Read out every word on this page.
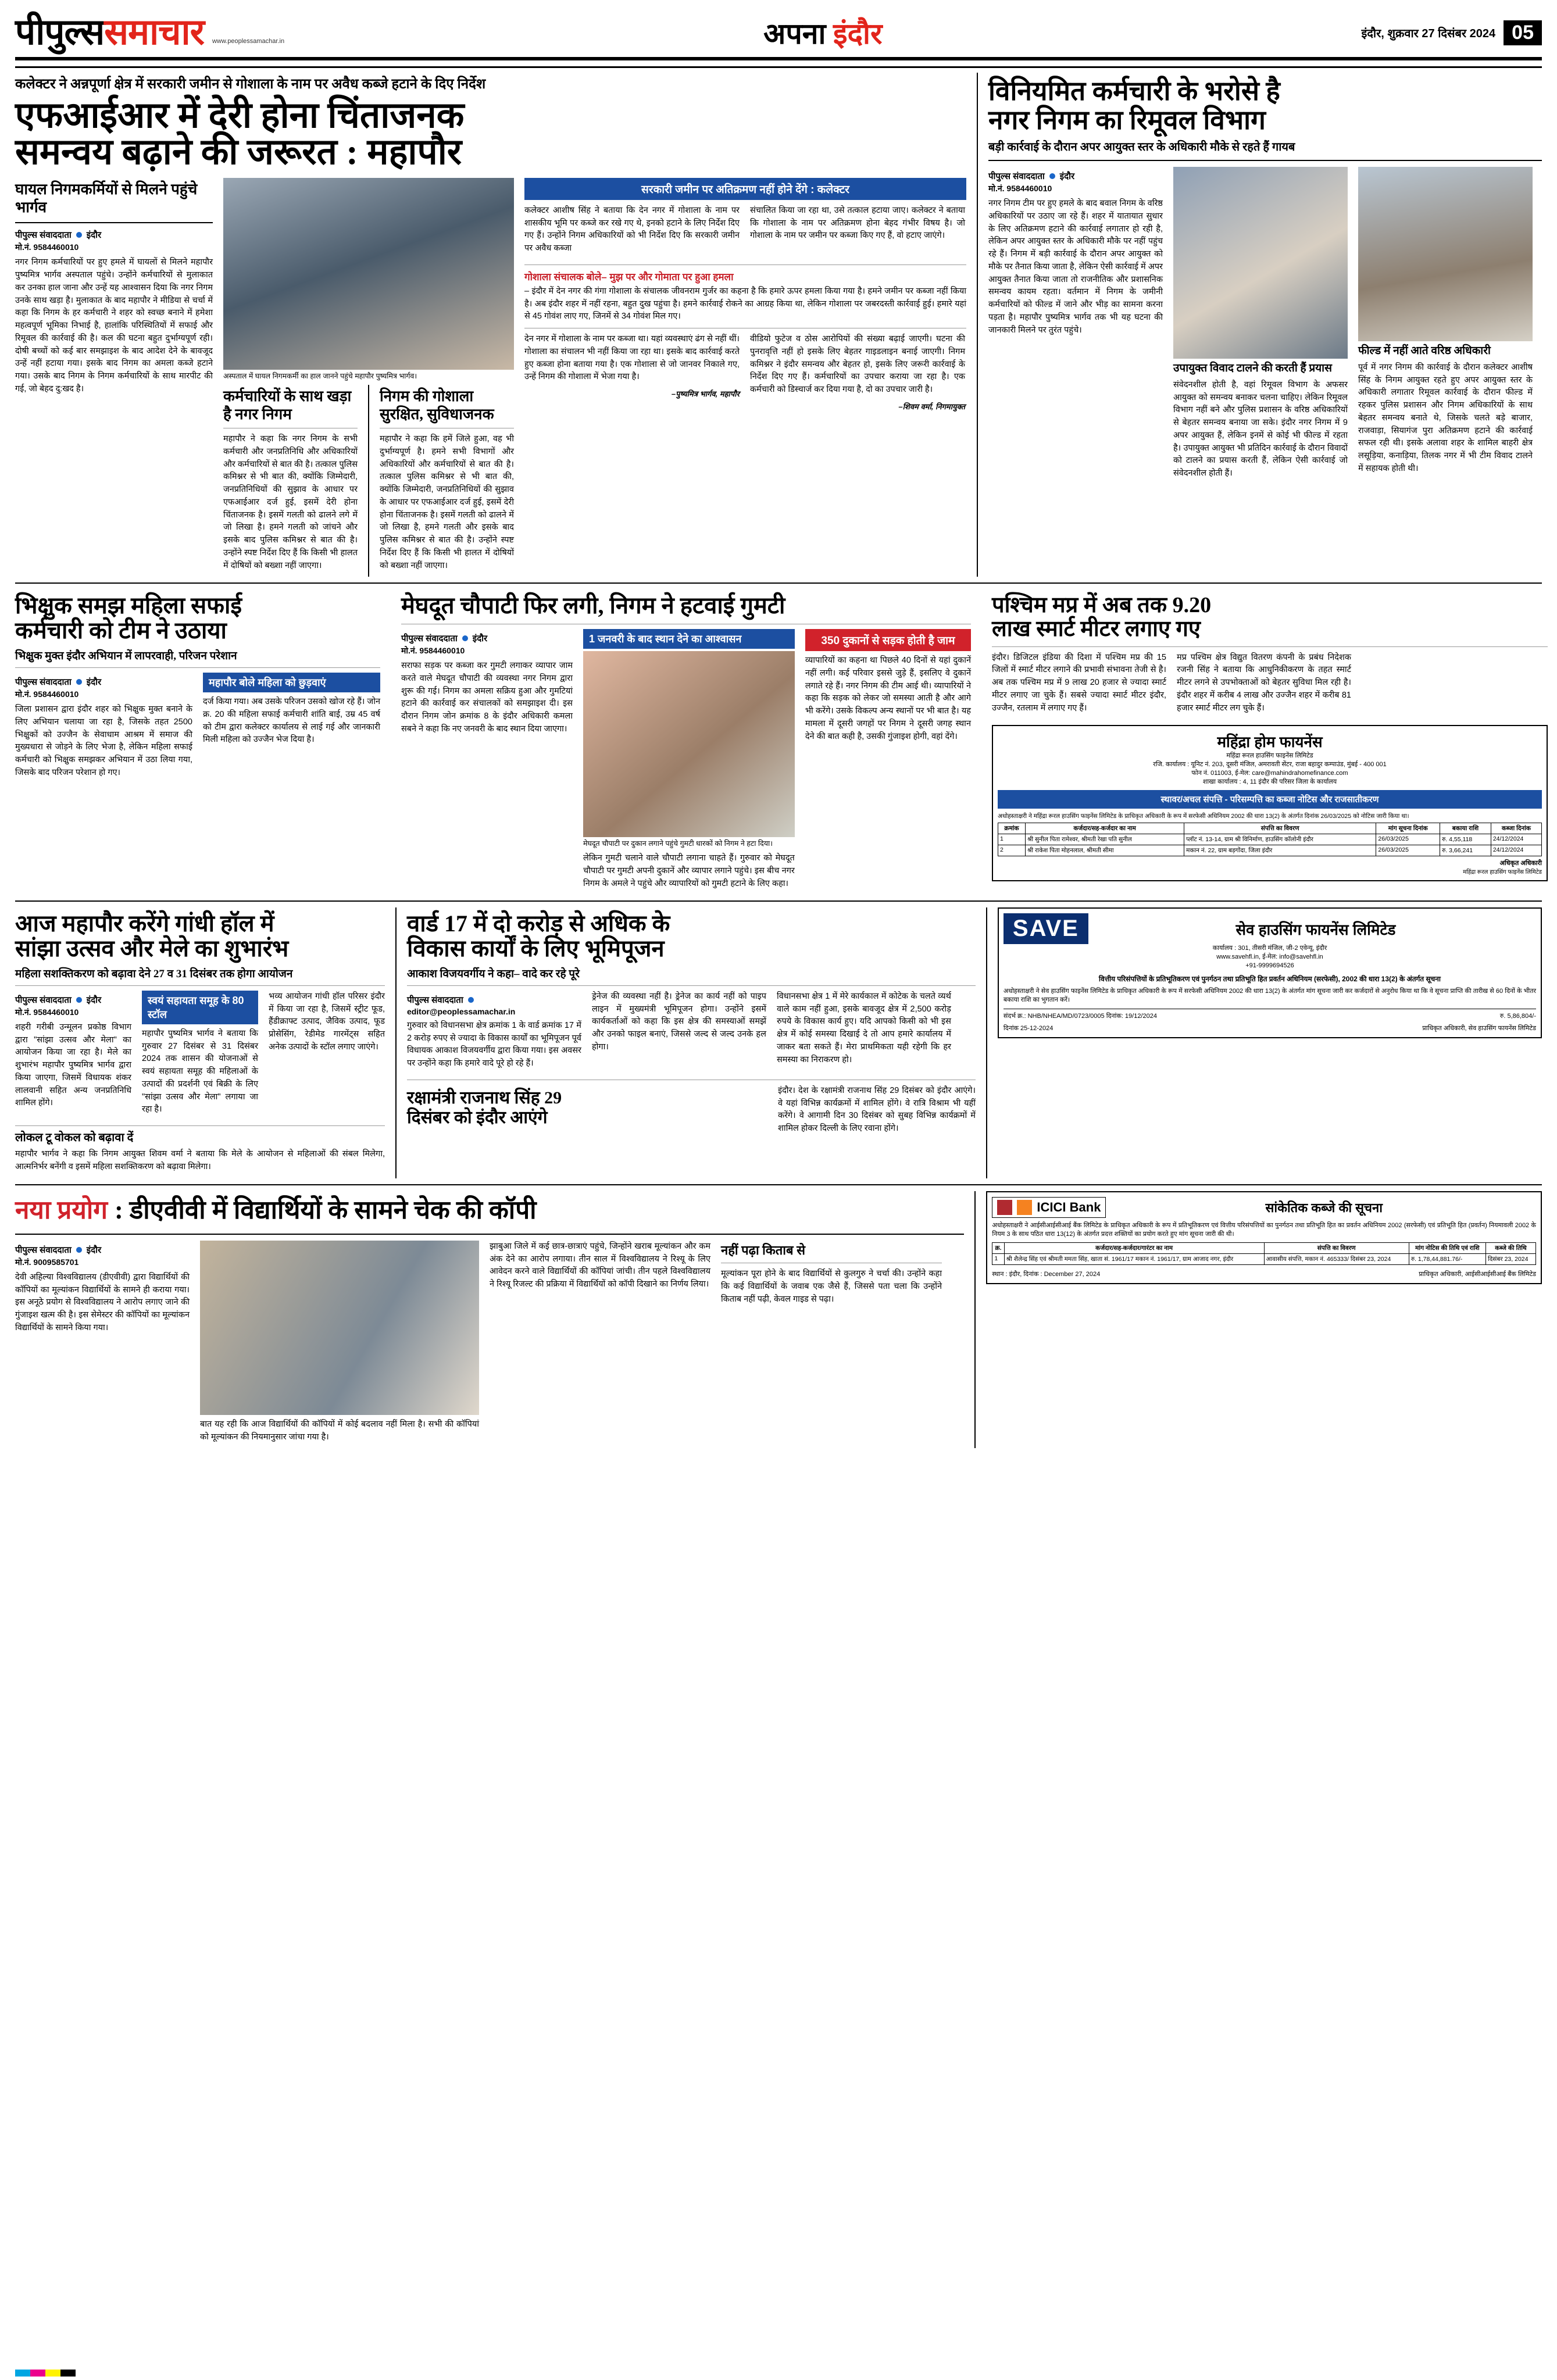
पीपुल्ससमाचार www.peoplessamachar.in	अपना इंदौर	इंदौर, शुक्रवार 27 दिसंबर 2024 05
कलेक्टर ने अन्नपूर्णा क्षेत्र में सरकारी जमीन से गोशाला के नाम पर अवैध कब्जे हटाने के दिए निर्देश
एफआईआर में देरी होना चिंताजनक
समन्वय बढ़ाने की जरूरत : महापौर
घायल निगमकर्मियों से मिलने पहुंचे भार्गव
पीपुल्स संवाददाता इंदौर
मो.नं. 9584460010

नगर निगम कर्मचारियों पर हुए हमले में घायलों से मिलने महापौर पुष्यमित्र भार्गव अस्पताल पहुंचे। उन्होंने कर्मचारियों से मुलाकात कर उनका हाल जाना और उन्हें यह आश्वासन दिया कि नगर निगम उनके साथ खड़ा है। मुलाकात के बाद महापौर ने मीडिया से चर्चा में कहा कि निगम के हर कर्मचारी ने शहर को स्वच्छ बनाने में हमेशा महत्वपूर्ण भूमिका निभाई है, हालांकि परिस्थितियों में सफाई और रिमूवल की कार्रवाई की है। कल की घटना बहुत दुर्भाग्यपूर्ण रही। दोषी बच्चों को कई बार समझाइश के बाद आदेश देने के बावजूद उन्हें नहीं हटाया गया। इसके बाद निगम का अमला कब्जे हटाने गया। उसके बाद निगम के निगम कर्मचारियों के साथ मारपीट की गई, जो बेहद दु:खद है।

अस्पताल में घायल निगमकर्मी का हाल जानने पहुंचे महापौर पुष्यमित्र भार्गव।
कर्मचारियों के साथ खड़ा है नगर निगम

महापौर ने कहा कि नगर निगम के सभी कर्मचारी और जनप्रतिनिधि और अधिकारियों और कर्मचारियों से बात की है। तत्काल पुलिस कमिश्नर से भी बात की, क्योंकि जिम्मेदारी, जनप्रतिनिधियों की सुझाव के आधार पर एफआईआर दर्ज हुई, इसमें देरी होना चिंताजनक है। इसमें गलती को ढालने लगे में जो लिखा है। हमने गलती को जांचने और इसके बाद पुलिस कमिश्नर से बात की है। उन्होंने स्पष्ट निर्देश दिए हैं कि किसी भी हालत में दोषियों को बख्शा नहीं जाएगा।

निगम की गोशाला सुरक्षित, सुविधाजनक

महापौर ने कहा कि हमें जिले हुआ, वह भी दुर्भाग्यपूर्ण है। हमने सभी विभागों और अधिकारियों और कर्मचारियों से बात की है। तत्काल पुलिस कमिश्नर से भी बात की, क्योंकि जिम्मेदारी, जनप्रतिनिधियों की सुझाव के आधार पर एफआईआर दर्ज हुई, इसमें देरी होना चिंताजनक है। इसमें गलती को ढालने में जो लिखा है, हमने गलती और इसके बाद पुलिस कमिश्नर से बात की है। उन्होंने स्पष्ट निर्देश दिए हैं कि किसी भी हालत में दोषियों को बख्शा नहीं जाएगा।

सरकारी जमीन पर अतिक्रमण नहीं होने देंगे : कलेक्टर

कलेक्टर आशीष सिंह ने बताया कि देन नगर में गोशाला के नाम पर शासकीय भूमि पर कब्जे कर रखे गए थे, इनको हटाने के लिए निर्देश दिए गए हैं। उन्होंने निगम अधिकारियों को भी निर्देश दिए कि सरकारी जमीन पर अवैध कब्जा

संचालित किया जा रहा था, उसे तत्काल हटाया जाए। कलेक्टर ने बताया कि गोशाला के नाम पर अतिक्रमण होना बेहद गंभीर विषय है। जो गोशाला के नाम पर जमीन पर कब्जा किए गए हैं, वो हटाए जाएंगे।

गोशाला संचालक बोले– मुझ पर और गोमाता पर हुआ हमला

– इंदौर में देन नगर की गंगा गोशाला के संचालक जीवनराम गुर्जर का कहना है कि हमारे ऊपर हमला किया गया है। हमने जमीन पर कब्जा नहीं किया है। अब इंदौर शहर में नहीं रहना, बहुत दुख पहुंचा है। हमने कार्रवाई रोकने का आग्रह किया था, लेकिन गोशाला पर जबरदस्ती कार्रवाई हुई। हमारे यहां से 45 गोवंश लाए गए, जिनमें से 34 गोवंश मिल गए।

देन नगर में गोशाला के नाम पर कब्जा था। यहां व्यवस्थाएं ढंग से नहीं थीं। गोशाला का संचालन भी नहीं किया जा रहा था। इसके बाद कार्रवाई करते हुए कब्जा होना बताया गया है। एक गोशाला से जो जानवर निकाले गए, उन्हें निगम की गोशाला में भेजा गया है।

–पुष्यमित्र भार्गव, महापौर

वीडियो फुटेज व ठोस आरोपियों की संख्या बढ़ाई जाएगी। घटना की पुनरावृत्ति नहीं हो इसके लिए बेहतर गाइडलाइन बनाई जाएगी। निगम कमिश्नर ने इंदौर समन्वय और बेहतर हो, इसके लिए जरूरी कार्रवाई के निर्देश दिए गए हैं। कर्मचारियों का उपचार कराया जा रहा है। एक कर्मचारी को डिस्चार्ज कर दिया गया है, दो का उपचार जारी है।

–शिवम वर्मा, निगमायुक्त
विनियमित कर्मचारी के भरोसे है
नगर निगम का रिमूवल विभाग
बड़ी कार्रवाई के दौरान अपर आयुक्त स्तर के अधिकारी मौके से रहते हैं गायब
पीपुल्स संवाददाता इंदौर
मो.नं. 9584460010

नगर निगम टीम पर हुए हमले के बाद बवाल निगम के वरिष्ठ अधिकारियों पर उठाए जा रहे हैं। शहर में यातायात सुधार के लिए अतिक्रमण हटाने की कार्रवाई लगातार हो रही है, लेकिन अपर आयुक्त स्तर के अधिकारी मौके पर नहीं पहुंच रहे हैं। निगम में बड़ी कार्रवाई के दौरान अपर आयुक्त को मौके पर तैनात किया जाता है, लेकिन ऐसी कार्रवाई में अपर आयुक्त तैनात किया जाता तो राजनीतिक और प्रशासनिक समन्वय कायम रहता। वर्तमान में निगम के जमीनी कर्मचारियों को फील्ड में जाने और भीड़ का सामना करना पड़ता है। महापौर पुष्यमित्र भार्गव तक भी यह घटना की जानकारी मिलने पर तुरंत पहुंचे।

उपायुक्त विवाद टालने की करती हैं प्रयास

संवेदनशील होती है, वहां रिमूवल विभाग के अफसर आयुक्त को समन्वय बनाकर चलना चाहिए। लेकिन रिमूवल विभाग नहीं बने और पुलिस प्रशासन के वरिष्ठ अधिकारियों से बेहतर समन्वय बनाया जा सके। इंदौर नगर निगम में 9 अपर आयुक्त हैं, लेकिन इनमें से कोई भी फील्ड में रहता है। उपायुक्त आयुक्त भी प्रतिदिन कार्रवाई के दौरान विवादों को टालने का प्रयास करती हैं, लेकिन ऐसी कार्रवाई जो संवेदनशील होती हैं।

फील्ड में नहीं आते वरिष्ठ अधिकारी

पूर्व में नगर निगम की कार्रवाई के दौरान कलेक्टर आशीष सिंह के निगम आयुक्त रहते हुए अपर आयुक्त स्तर के अधिकारी लगातार रिमूवल कार्रवाई के दौरान फील्ड में रहकर पुलिस प्रशासन और निगम अधिकारियों के साथ बेहतर समन्वय बनाते थे, जिसके चलते बड़े बाजार, राजवाड़ा, सियागंज पुरा अतिक्रमण हटाने की कार्रवाई सफल रही थी। इसके अलावा शहर के शामिल बाहरी क्षेत्र लसूड़िया, कनाड़िया, तिलक नगर में भी टीम विवाद टालने में सहायक होती थी।

भिक्षुक समझ महिला सफाई
कर्मचारी को टीम ने उठाया
भिक्षुक मुक्त इंदौर अभियान में लापरवाही, परिजन परेशान
पीपुल्स संवाददाता इंदौर
मो.नं. 9584460010

जिला प्रशासन द्वारा इंदौर शहर को भिक्षुक मुक्त बनाने के लिए अभियान चलाया जा रहा है, जिसके तहत 2500 भिक्षुकों को उज्जैन के सेवाधाम आश्रम में समाज की मुख्यधारा से जोड़ने के लिए भेजा है, लेकिन महिला सफाई कर्मचारी को भिक्षुक समझकर अभियान में उठा लिया गया, जिसके बाद परिजन परेशान हो गए।

महापौर बोले महिला को छुड़वाएं

दर्ज किया गया। अब उसके परिजन उसको खोज रहे हैं। जोन क्र. 20 की महिला सफाई कर्मचारी शांति बाई, उम्र 45 वर्ष को टीम द्वारा कलेक्टर कार्यालय से लाई गई और जानकारी मिली महिला को उज्जैन भेज दिया है।

मेघदूत चौपाटी फिर लगी, निगम ने हटवाई गुमटी
पीपुल्स संवाददाता इंदौर
मो.नं. 9584460010

सराफा सड़क पर कब्जा कर गुमटी लगाकर व्यापार जाम करते वाले मेघदूत चौपाटी की व्यवस्था नगर निगम द्वारा शुरू की गई। निगम का अमला सक्रिय हुआ और गुमटियां हटाने की कार्रवाई कर संचालकों को समझाइश दी। इस दौरान निगम जोन क्रमांक 8 के इंदौर अधिकारी कमला सबने ने कहा कि नए जनवरी के बाद स्थान दिया जाएगा।

1 जनवरी के बाद स्थान देने का आश्वासन
मेघदूत चौपाटी पर दुकान लगाने पहुंचे गुमटी धारकों को निगम ने हटा दिया।

लेकिन गुमटी चलाने वाले चौपाटी लगाना चाहते हैं। गुरुवार को मेघदूत चौपाटी पर गुमटी अपनी दुकानें और व्यापार लगाने पहुंचे। इस बीच नगर निगम के अमले ने पहुंचे और व्यापारियों को गुमटी हटाने के लिए कहा।

350 दुकानों से सड़क होती है जाम

व्यापारियों का कहना था पिछले 40 दिनों से यहां दुकानें नहीं लगी। कई परिवार इससे जुड़े हैं, इसलिए वे दुकानें लगाते रहे हैं। नगर निगम की टीम आई थी। व्यापारियों ने कहा कि सड़क को लेकर जो समस्या आती है और आगे भी करेंगे। उसके विकल्प अन्य स्थानों पर भी बात है। यह मामला में दूसरी जगहों पर निगम ने दूसरी जगह स्थान देने की बात कही है, उसकी गुंजाइश होगी, वहां देंगे।

पश्चिम मप्र में अब तक 9.20
लाख स्मार्ट मीटर लगाए गए

इंदौर। डिजिटल इंडिया की दिशा में पश्चिम मप्र की 15 जिलों में स्मार्ट मीटर लगाने की प्रभावी संभावना तेजी से है। अब तक पश्चिम मप्र में 9 लाख 20 हजार से ज्यादा स्मार्ट मीटर लगाए जा चुके हैं। सबसे ज्यादा स्मार्ट मीटर इंदौर, उज्जैन, रतलाम में लगाए गए हैं।

मप्र पश्चिम क्षेत्र विद्युत वितरण कंपनी के प्रबंध निदेशक रजनी सिंह ने बताया कि आधुनिकीकरण के तहत स्मार्ट मीटर लगने से उपभोक्ताओं को बेहतर सुविधा मिल रही है। इंदौर शहर में करीब 4 लाख और उज्जैन शहर में करीब 81 हजार स्मार्ट मीटर लग चुके हैं।

महिंद्रा होम फायनेंस
महिंद्रा रूरल हाउसिंग फाइनेंस लिमिटेड
रजि. कार्यालय : यूनिट नं. 203, दूसरी मंजिल, अमरावती सेंटर, राजा बहादुर कम्पाउंड, मुंबई - 400 001
फोन नं. 011003, ई-मेल: care@mahindrahomefinance.com
शाखा कार्यालय : 4, 11 इंदौर की परिसर जिला के कार्यालय
स्थावर/अचल संपत्ति - परिसम्पत्ति का कब्जा नोटिस और राजसातीकरण
अधोहस्ताक्षरी ने महिंद्रा रूरल हाउसिंग फाइनेंस लिमिटेड के प्राधिकृत अधिकारी के रूप में सरफेसी अधिनियम 2002 की धारा 13(2) के अंतर्गत दिनांक 26/03/2025 को नोटिस जारी किया था।
क्रमांक	कर्जदार/सह-कर्जदार का नाम	संपत्ति का विवरण	मांग सूचना दिनांक	बकाया राशि	कब्जा दिनांक
1	श्री सुनील पिता रामेश्वर, श्रीमती रेखा पति सुनील	प्लॉट नं. 13-14, ग्राम श्री विनिर्माण, हाउसिंग कॉलोनी इंदौर	26/03/2025	रु. 4,55,118	24/12/2024
2	श्री राकेश पिता मोहनलाल, श्रीमती सीमा	मकान नं. 22, ग्राम बड़गोंदा, जिला इंदौर	26/03/2025	रु. 3,66,241	24/12/2024
अधिकृत अधिकारी
महिंद्रा रूरल हाउसिंग फाइनेंस लिमिटेड
आज महापौर करेंगे गांधी हॉल में
सांझा उत्सव और मेले का शुभारंभ
महिला सशक्तिकरण को बढ़ावा देने 27 व 31 दिसंबर तक होगा आयोजन
पीपुल्स संवाददाता इंदौर
मो.नं. 9584460010

शहरी गरीबी उन्मूलन प्रकोष्ठ विभाग द्वारा "सांझा उत्सव और मेला" का आयोजन किया जा रहा है। मेले का शुभारंभ महापौर पुष्यमित्र भार्गव द्वारा किया जाएगा, जिसमें विधायक शंकर लालवानी सहित अन्य जनप्रतिनिधि शामिल होंगे।

स्वयं सहायता समूह के 80 स्टॉल

महापौर पुष्यमित्र भार्गव ने बताया कि गुरुवार 27 दिसंबर से 31 दिसंबर 2024 तक शासन की योजनाओं से स्वयं सहायता समूह की महिलाओं के उत्पादों की प्रदर्शनी एवं बिक्री के लिए "सांझा उत्सव और मेला" लगाया जा रहा है।

भव्य आयोजन गांधी हॉल परिसर इंदौर में किया जा रहा है, जिसमें स्ट्रीट फूड, हैंडीक्राफ्ट उत्पाद, जैविक उत्पाद, फूड प्रोसेसिंग, रेडीमेड गारमेंट्स सहित अनेक उत्पादों के स्टॉल लगाए जाएंगे।

लोकल टू वोकल को बढ़ावा दें

महापौर भार्गव ने कहा कि निगम आयुक्त शिवम वर्मा ने बताया कि मेले के आयोजन से महिलाओं की संबल मिलेगा, आत्मनिर्भर बनेंगी व इसमें महिला सशक्तिकरण को बढ़ावा मिलेगा।

वार्ड 17 में दो करोड़ से अधिक के
विकास कार्यों के लिए भूमिपूजन
आकाश विजयवर्गीय ने कहा– वादे कर रहे पूरे
पीपुल्स संवाददाता
editor@peoplessamachar.in

गुरुवार को विधानसभा क्षेत्र क्रमांक 1 के वार्ड क्रमांक 17 में 2 करोड़ रुपए से ज्यादा के विकास कार्यों का भूमिपूजन पूर्व विधायक आकाश विजयवर्गीय द्वारा किया गया। इस अवसर पर उन्होंने कहा कि हमारे वादे पूरे हो रहे हैं।

ड्रेनेज की व्यवस्था नहीं है। ड्रेनेज का कार्य नहीं को पाइप लाइन में मुख्यमंत्री भूमिपूजन होगा। उन्होंने इसमें कार्यकर्ताओं को कहा कि इस क्षेत्र की समस्याओं समझें और उनको फाइल बनाएं, जिससे जल्द से जल्द उनके हल होगा।

विधानसभा क्षेत्र 1 में मेरे कार्यकाल में कोटेक के चलते व्यर्थ वाले काम नहीं हुआ, इसके बावजूद क्षेत्र में 2,500 करोड़ रुपये के विकास कार्य हुए। यदि आपको किसी को भी इस क्षेत्र में कोई समस्या दिखाई दे तो आप हमारे कार्यालय में जाकर बता सकते हैं। मेरा प्राथमिकता यही रहेगी कि हर समस्या का निराकरण हो।

रक्षामंत्री राजनाथ सिंह 29
दिसंबर को इंदौर आएंगे

इंदौर। देश के रक्षामंत्री राजनाथ सिंह 29 दिसंबर को इंदौर आएंगे। वे यहां विभिन्न कार्यक्रमों में शामिल होंगे। वे रात्रि विश्राम भी यहीं करेंगे। वे आगामी दिन 30 दिसंबर को सुबह विभिन्न कार्यक्रमों में शामिल होकर दिल्ली के लिए रवाना होंगे।

SAVE	सेव हाउसिंग फायनेंस लिमिटेड
कार्यालय : 301, तीसरी मंजिल, जी-2 एवेन्यू, इंदौर
www.savehfl.in, ई-मेल: info@savehfl.in
+91-9999694526
वित्तीय परिसंपत्तियों के प्रतिभूतिकरण एवं पुनर्गठन तथा प्रतिभूति हित प्रवर्तन अधिनियम (सरफेसी), 2002 की धारा 13(2) के अंतर्गत सूचना
अधोहस्ताक्षरी ने सेव हाउसिंग फाइनेंस लिमिटेड के प्राधिकृत अधिकारी के रूप में सरफेसी अधिनियम 2002 की धारा 13(2) के अंतर्गत मांग सूचना जारी कर कर्जदारों से अनुरोध किया था कि वे सूचना प्राप्ति की तारीख से 60 दिनों के भीतर बकाया राशि का भुगतान करें।
संदर्भ क्र.: NHB/NHEA/MD/0723/0005 दिनांक: 19/12/2024	रु. 5,86,804/-
दिनांक 25-12-2024	प्राधिकृत अधिकारी, सेव हाउसिंग फायनेंस लिमिटेड
नया प्रयोग : डीएवीवी में विद्यार्थियों के सामने चेक की कॉपी
पीपुल्स संवाददाता इंदौर
मो.नं. 9009585701

देवी अहिल्या विश्वविद्यालय (डीएवीवी) द्वारा विद्यार्थियों की कॉपियों का मूल्यांकन विद्यार्थियों के सामने ही कराया गया। इस अनूठे प्रयोग से विश्वविद्यालय ने आरोप लगाए जाने की गुंजाइश खत्म की है। इस सेमेस्टर की कॉपियों का मूल्यांकन विद्यार्थियों के सामने किया गया।

बात यह रही कि आज विद्यार्थियों की कॉपियों में कोई बदलाव नहीं मिला है। सभी की कॉपियां को मूल्यांकन की नियमानुसार जांचा गया है।

झाबुआ जिले में कई छात्र-छात्राएं पहुंचे, जिन्होंने खराब मूल्यांकन और कम अंक देने का आरोप लगाया। तीन साल में विश्वविद्यालय ने रिश्यू के लिए आवेदन करने वाले विद्यार्थियों की कॉपियां जांची। तीन पहले विश्वविद्यालय ने रिश्यू रिजल्ट की प्रक्रिया में विद्यार्थियों को कॉपी दिखाने का निर्णय लिया।

नहीं पढ़ा किताब से

मूल्यांकन पूरा होने के बाद विद्यार्थियों से कुलगुरु ने चर्चा की। उन्होंने कहा कि कई विद्यार्थियों के जवाब एक जैसे हैं, जिससे पता चला कि उन्होंने किताब नहीं पढ़ी, केवल गाइड से पढ़ा।

ICICI Bank	सांकेतिक कब्जे की सूचना
अधोहस्ताक्षरी ने आईसीआईसीआई बैंक लिमिटेड के प्राधिकृत अधिकारी के रूप में प्रतिभूतिकरण एवं वित्तीय परिसंपत्तियों का पुनर्गठन तथा प्रतिभूति हित का प्रवर्तन अधिनियम 2002 (सरफेसी) एवं प्रतिभूति हित (प्रवर्तन) नियमावली 2002 के नियम 3 के साथ पठित धारा 13(12) के अंतर्गत प्रदत्त शक्तियों का प्रयोग करते हुए मांग सूचना जारी की थी।
क्र.	कर्जदार/सह-कर्जदार/गारंटर का नाम	संपत्ति का विवरण	मांग नोटिस की तिथि एवं राशि	कब्जे की तिथि
1	श्री शैलेन्द्र सिंह एवं श्रीमती ममता सिंह, खाता सं. 1961/17 मकान नं. 1961/17, ग्राम आजाद नगर, इंदौर	आवासीय संपत्ति, मकान नं. 465333/ दिसंबर 23, 2024	रु. 1,78,44,881.76/-	दिसंबर 23, 2024
स्थान : इंदौर, दिनांक : December 27, 2024	प्राधिकृत अधिकारी, आईसीआईसीआई बैंक लिमिटेड
